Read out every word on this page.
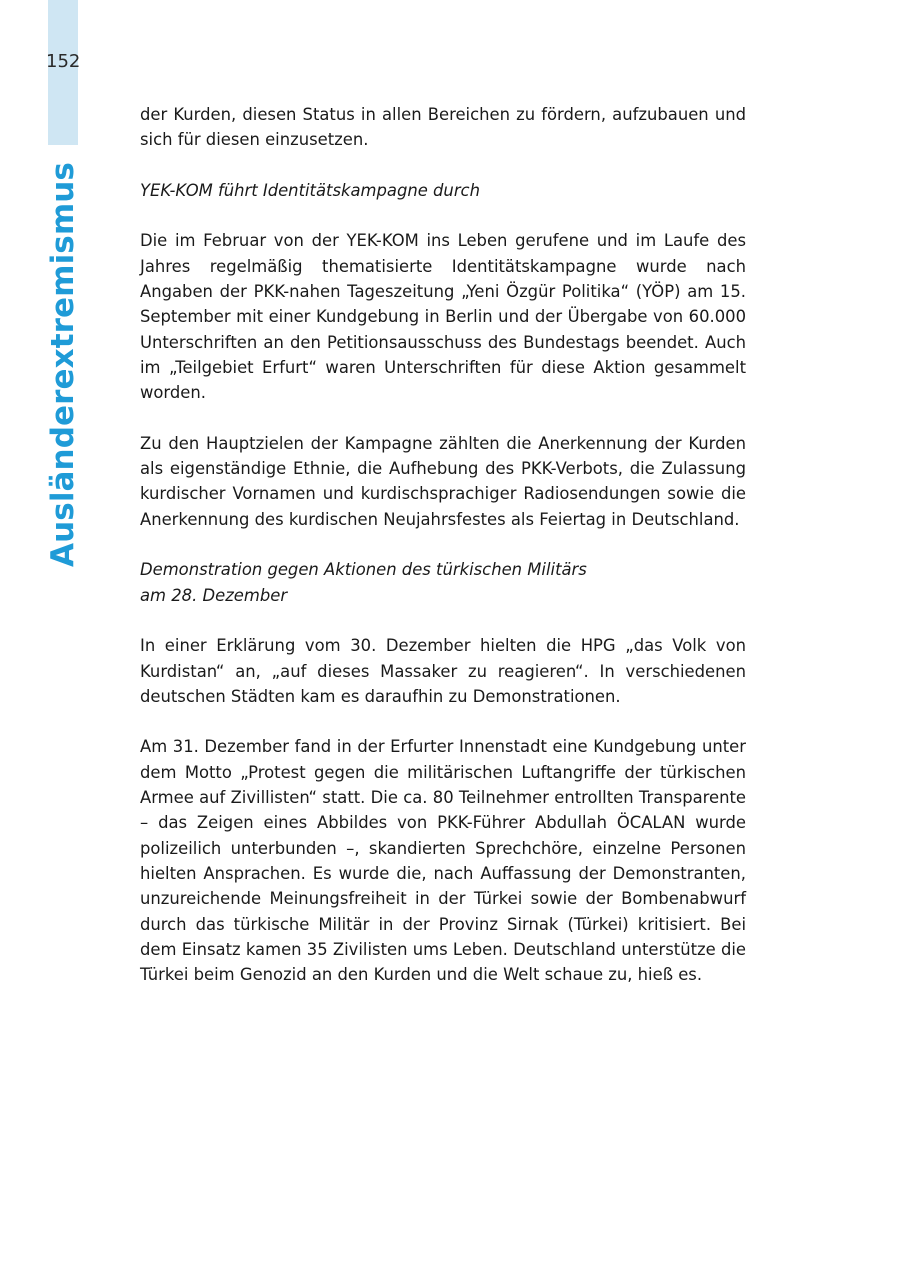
152
Ausländerextremismus

der Kurden, diesen Status in allen Bereichen zu fördern, aufzubauen und sich für diesen einzusetzen.

YEK-KOM führt Identitätskampagne durch

Die im Februar von der YEK-KOM ins Leben gerufene und im Laufe des Jahres regelmäßig thematisierte Identitätskampagne wurde nach Angaben der PKK-nahen Tageszeitung „Yeni Özgür Politika“ (YÖP) am 15. September mit einer Kundgebung in Berlin und der Übergabe von 60.000 Unterschriften an den Petitionsausschuss des Bundestags beendet. Auch im „Teilgebiet Erfurt“ waren Unterschriften für diese Aktion gesammelt worden.

Zu den Hauptzielen der Kampagne zählten die Anerkennung der Kurden als eigenständige Ethnie, die Aufhebung des PKK-Verbots, die Zulassung kurdischer Vornamen und kurdischsprachiger Radiosendungen sowie die Anerkennung des kurdischen Neujahrsfestes als Feiertag in Deutschland.

Demonstration gegen Aktionen des türkischen Militärs
am 28. Dezember

In einer Erklärung vom 30. Dezember hielten die HPG „das Volk von Kurdistan“ an, „auf dieses Massaker zu reagieren“. In verschiedenen deutschen Städten kam es daraufhin zu Demonstrationen.

Am 31. Dezember fand in der Erfurter Innenstadt eine Kundgebung unter dem Motto „Protest gegen die militärischen Luftangriffe der türkischen Armee auf Zivillisten“ statt. Die ca. 80 Teilnehmer entrollten Transparente – das Zeigen eines Abbildes von PKK-Führer Abdullah ÖCALAN wurde polizeilich unterbunden –, skandierten Sprechchöre, einzelne Personen hielten Ansprachen. Es wurde die, nach Auffassung der Demonstranten, unzureichende Meinungsfreiheit in der Türkei sowie der Bombenabwurf durch das türkische Militär in der Provinz Sirnak (Türkei) kritisiert. Bei dem Einsatz kamen 35 Zivilisten ums Leben. Deutschland unterstütze die Türkei beim Genozid an den Kurden und die Welt schaue zu, hieß es.
